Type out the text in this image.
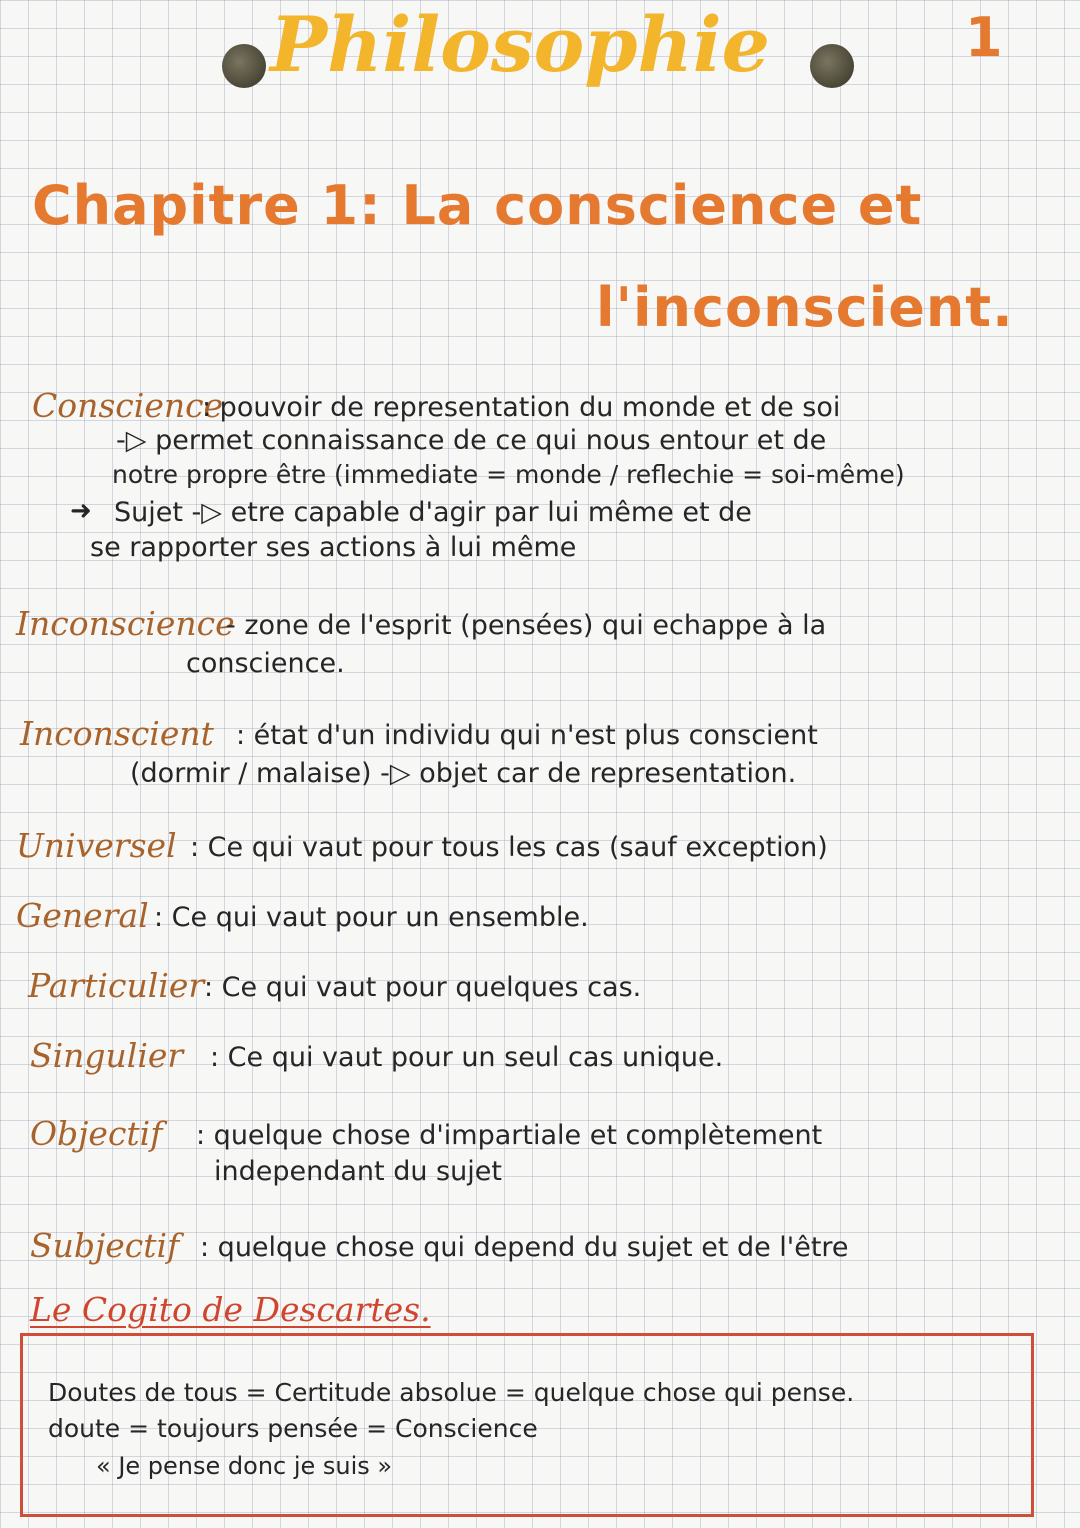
1
Philosophie
Chapitre 1: La conscience et
l'inconscient.
Conscience
: pouvoir de representation du monde et de soi
-▷ permet connaissance de ce qui nous entour et de
notre propre être (immediate = monde / reflechie = soi-même)
➜ Sujet -▷ etre capable d'agir par lui même et de
se rapporter ses actions à lui même
Inconscience
- zone de l'esprit (pensées) qui echappe à la
conscience.
Inconscient : état d'un individu qui n'est plus conscient
(dormir / malaise) -▷ objet car de representation.
Universel : Ce qui vaut pour tous les cas (sauf exception)
General : Ce qui vaut pour un ensemble.
Particulier : Ce qui vaut pour quelques cas.
Singulier : Ce qui vaut pour un seul cas unique.
Objectif : quelque chose d'impartiale et complètement
independant du sujet
Subjectif : quelque chose qui depend du sujet et de l'être
Le Cogito de Descartes.
Doutes de tous = Certitude absolue = quelque chose qui pense.
doute = toujours pensée = Conscience
« Je pense donc je suis »
